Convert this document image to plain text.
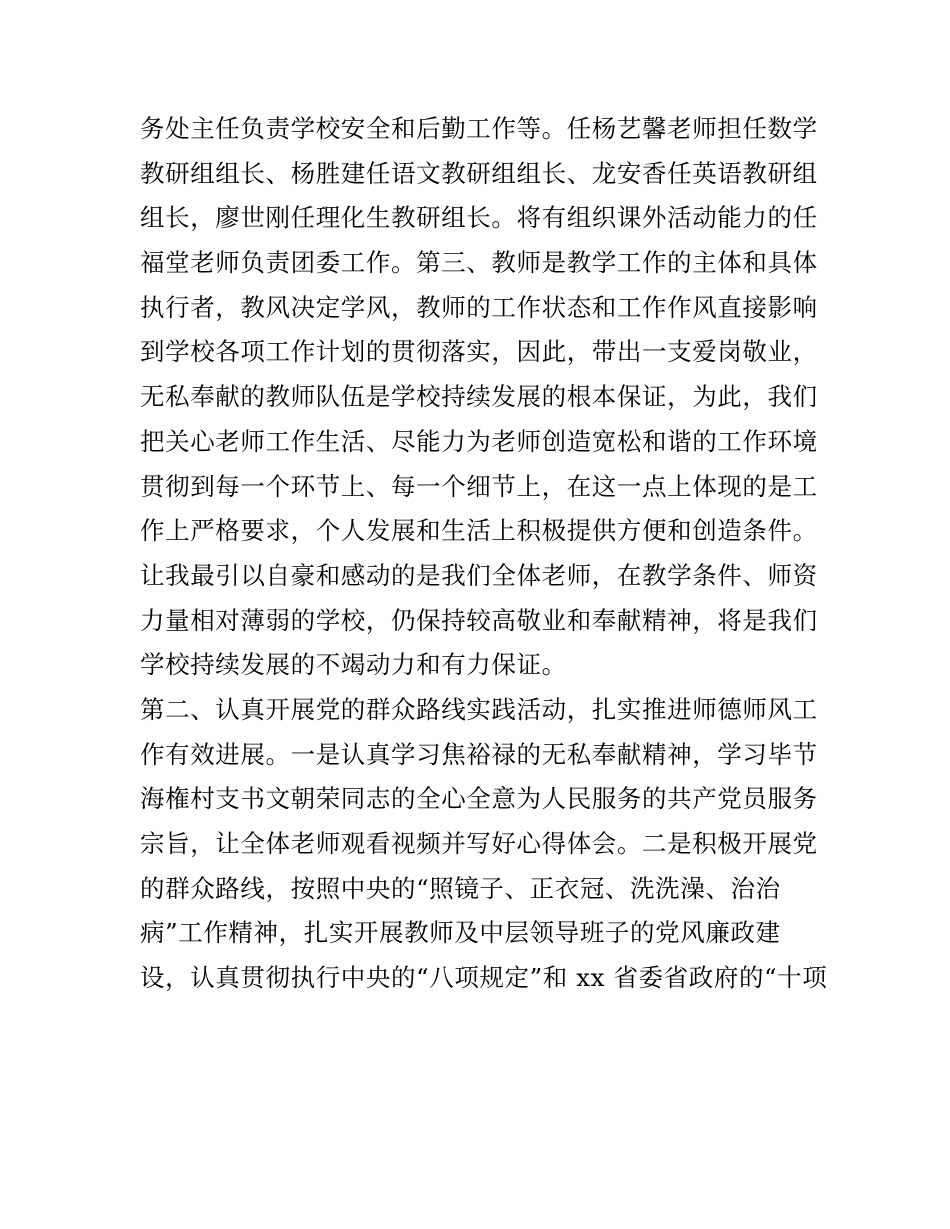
务处主任负责学校安全和后勤工作等。任杨艺馨老师担任数学
教研组组长、杨胜建任语文教研组组长、龙安香任英语教研组
组长，廖世刚任理化生教研组长。将有组织课外活动能力的任
福堂老师负责团委工作。第三、教师是教学工作的主体和具体
执行者，教风决定学风，教师的工作状态和工作作风直接影响
到学校各项工作计划的贯彻落实，因此，带出一支爱岗敬业，
无私奉献的教师队伍是学校持续发展的根本保证，为此，我们
把关心老师工作生活、尽能力为老师创造宽松和谐的工作环境
贯彻到每一个环节上、每一个细节上，在这一点上体现的是工
作上严格要求，个人发展和生活上积极提供方便和创造条件。
让我最引以自豪和感动的是我们全体老师，在教学条件、师资
力量相对薄弱的学校，仍保持较高敬业和奉献精神，将是我们
学校持续发展的不竭动力和有力保证。
第二、认真开展党的群众路线实践活动，扎实推进师德师风工
作有效进展。一是认真学习焦裕禄的无私奉献精神，学习毕节
海権村支书文朝荣同志的全心全意为人民服务的共产党员服务
宗旨，让全体老师观看视频并写好心得体会。二是积极开展党
的群众路线，按照中央的“照镜子、正衣冠、洗洗澡、治治
病”工作精神，扎实开展教师及中层领导班子的党风廉政建
设，认真贯彻执行中央的“八项规定”和 xx 省委省政府的“十项
